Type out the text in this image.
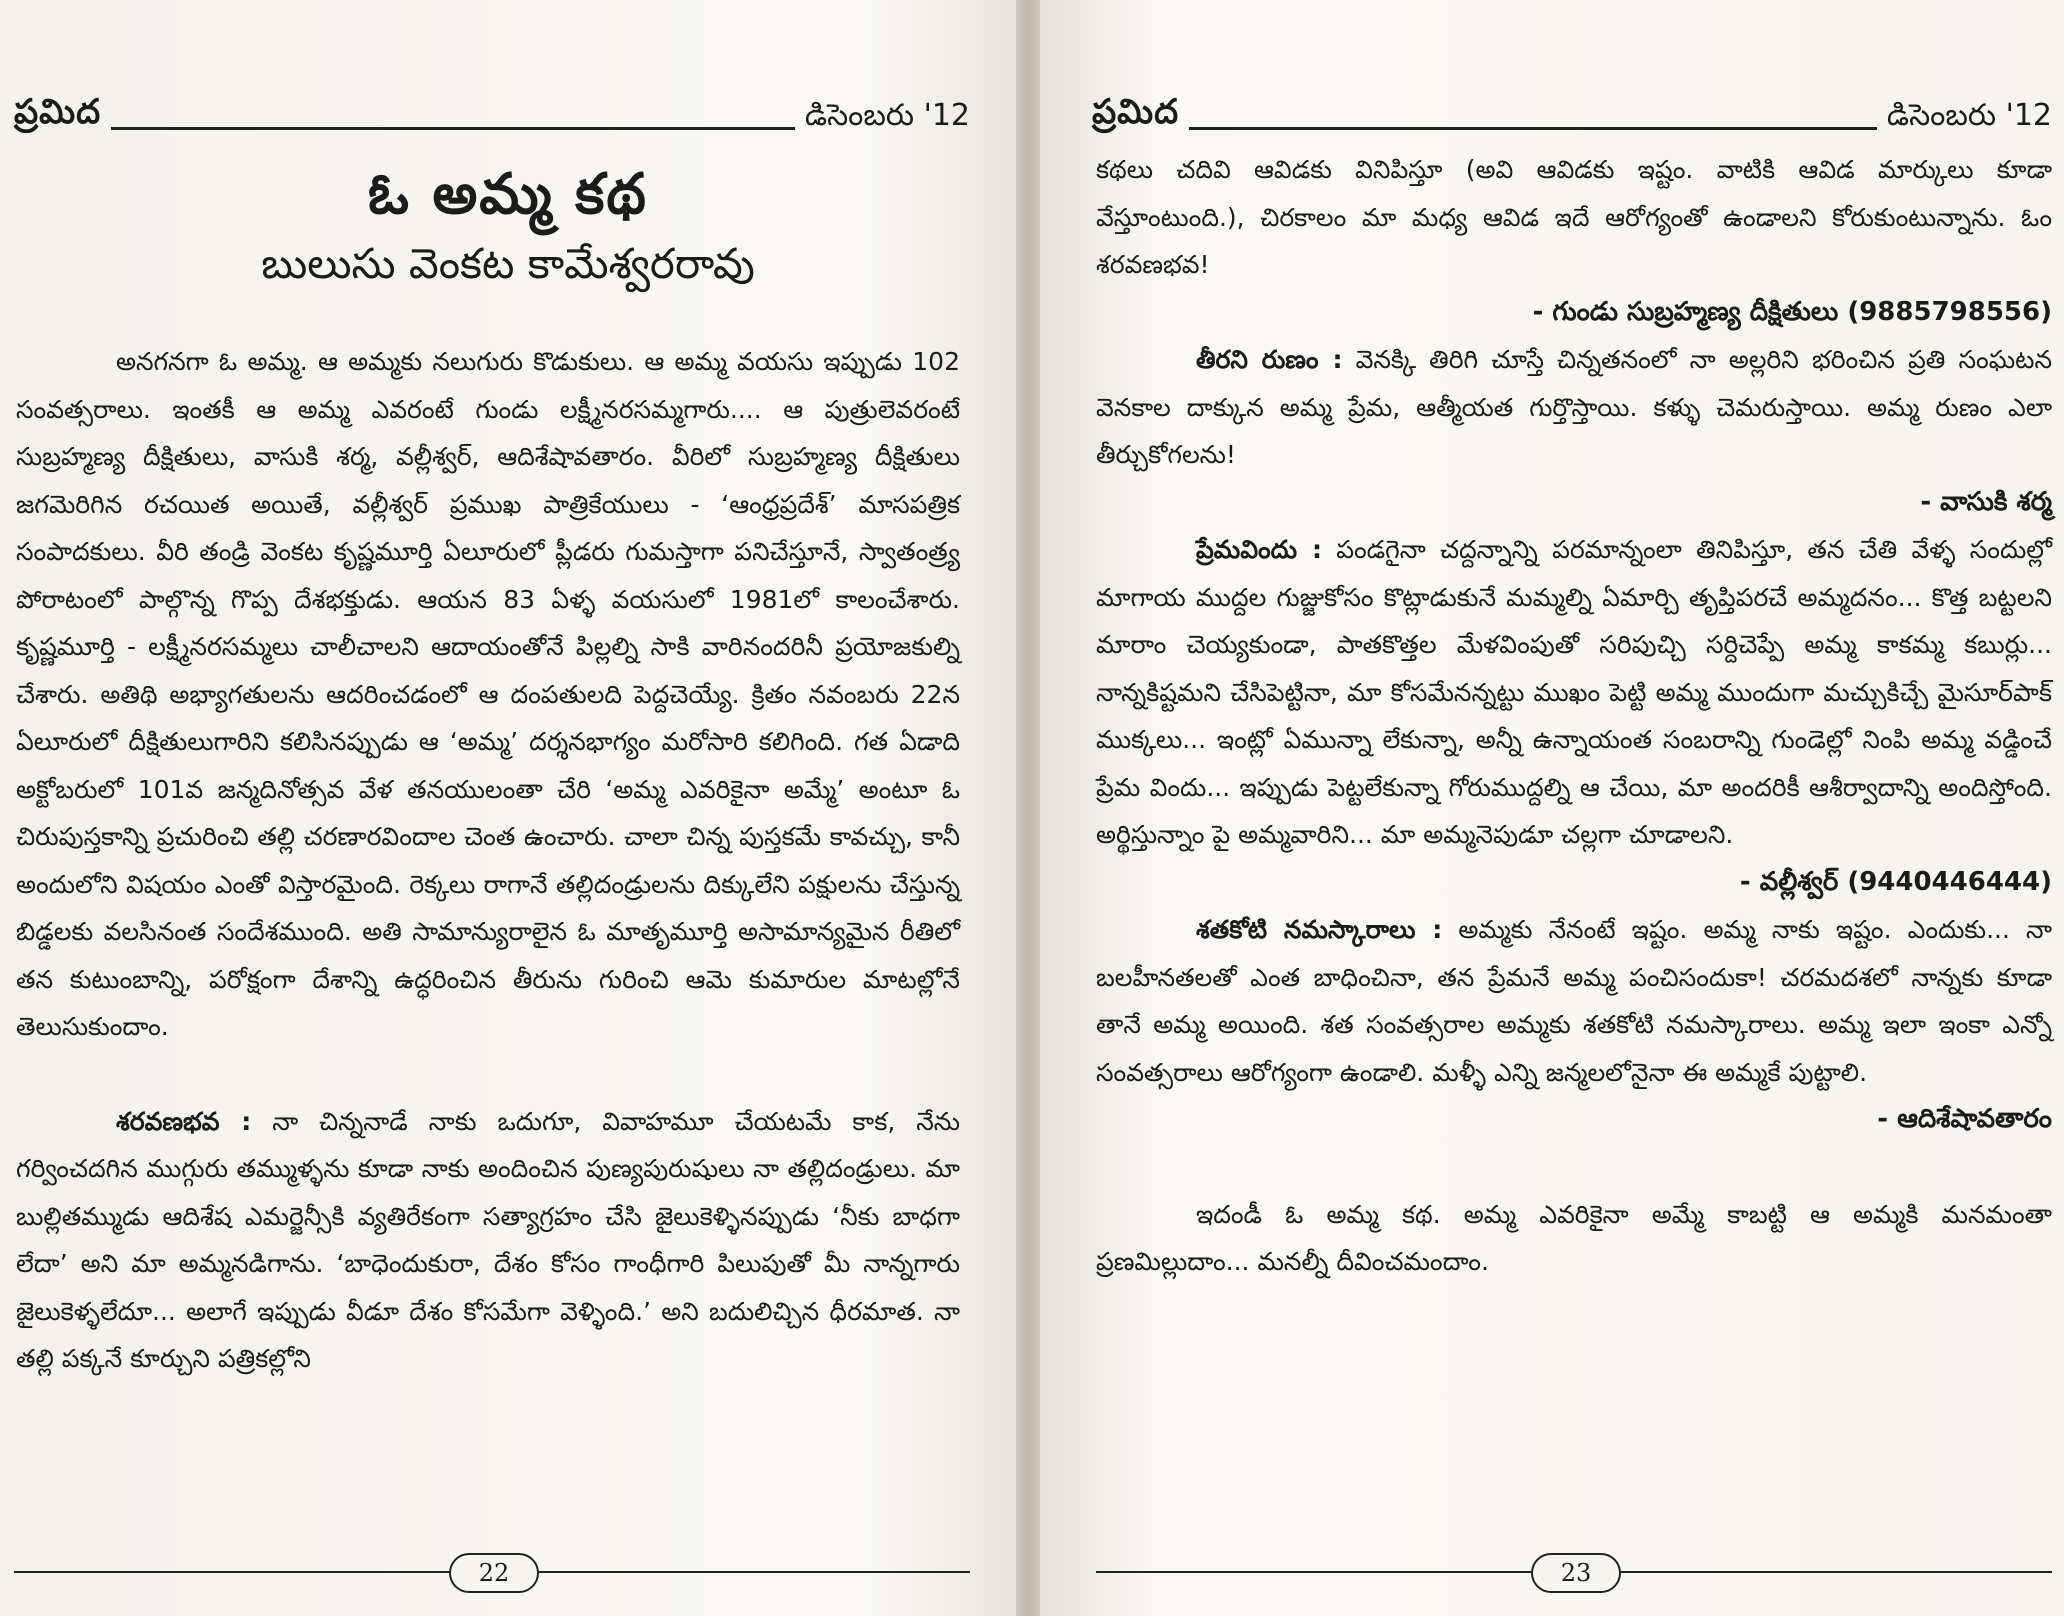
ప్రమిద	డిసెంబరు '12
ఓ అమ్మ కథ
బులుసు వెంకట కామేశ్వరరావు

అనగనగా ఓ అమ్మ. ఆ అమ్మకు నలుగురు కొడుకులు. ఆ అమ్మ వయసు ఇప్పుడు 102 సంవత్సరాలు. ఇంతకీ ఆ అమ్మ ఎవరంటే గుండు లక్ష్మీనరసమ్మగారు.... ఆ పుత్రులెవరంటే సుబ్రహ్మణ్య దీక్షితులు, వాసుకి శర్మ, వల్లీశ్వర్, ఆదిశేషావతారం. వీరిలో సుబ్రహ్మణ్య దీక్షితులు జగమెరిగిన రచయిత అయితే, వల్లీశ్వర్ ప్రముఖ పాత్రికేయులు - ‘ఆంధ్రప్రదేశ్’ మాసపత్రిక సంపాదకులు. వీరి తండ్రి వెంకట కృష్ణమూర్తి ఏలూరులో ప్లీడరు గుమస్తాగా పనిచేస్తూనే, స్వాతంత్ర్య పోరాటంలో పాల్గొన్న గొప్ప దేశభక్తుడు. ఆయన 83 ఏళ్ళ వయసులో 1981లో కాలంచేశారు. కృష్ణమూర్తి - లక్ష్మీనరసమ్మలు చాలీచాలని ఆదాయంతోనే పిల్లల్ని సాకి వారినందరినీ ప్రయోజకుల్ని చేశారు. అతిథి అభ్యాగతులను ఆదరించడంలో ఆ దంపతులది పెద్దచెయ్యే. క్రితం నవంబరు 22న ఏలూరులో దీక్షితులుగారిని కలిసినప్పుడు ఆ ‘అమ్మ’ దర్శనభాగ్యం మరోసారి కలిగింది. గత ఏడాది అక్టోబరులో 101వ జన్మదినోత్సవ వేళ తనయులంతా చేరి ‘అమ్మ ఎవరికైనా అమ్మే’ అంటూ ఓ చిరుపుస్తకాన్ని ప్రచురించి తల్లి చరణారవిందాల చెంత ఉంచారు. చాలా చిన్న పుస్తకమే కావచ్చు, కానీ అందులోని విషయం ఎంతో విస్తారమైంది. రెక్కలు రాగానే తల్లిదండ్రులను దిక్కులేని పక్షులను చేస్తున్న బిడ్డలకు వలసినంత సందేశముంది. అతి సామాన్యురాలైన ఓ మాతృమూర్తి అసామాన్యమైన రీతిలో తన కుటుంబాన్ని, పరోక్షంగా దేశాన్ని ఉద్ధరించిన తీరును గురించి ఆమె కుమారుల మాటల్లోనే తెలుసుకుందాం.

శరవణభవ : నా చిన్ననాడే నాకు ఒదుగూ, వివాహమూ చేయటమే కాక, నేను గర్వించదగిన ముగ్గురు తమ్ముళ్ళను కూడా నాకు అందించిన పుణ్యపురుషులు నా తల్లిదండ్రులు. మా బుల్లితమ్ముడు ఆదిశేష ఎమర్జెన్సీకి వ్యతిరేకంగా సత్యాగ్రహం చేసి జైలుకెళ్ళినప్పుడు ‘నీకు బాధగా లేదా’ అని మా అమ్మనడిగాను. ‘బాధెందుకురా, దేశం కోసం గాంధీగారి పిలుపుతో మీ నాన్నగారు జైలుకెళ్ళలేదూ... అలాగే ఇప్పుడు వీడూ దేశం కోసమేగా వెళ్ళింది.’ అని బదులిచ్చిన ధీరమాత. నా తల్లి పక్కనే కూర్చుని పత్రికల్లోని

22
ప్రమిద	డిసెంబరు '12

కథలు చదివి ఆవిడకు వినిపిస్తూ (అవి ఆవిడకు ఇష్టం. వాటికి ఆవిడ మార్కులు కూడా వేస్తూంటుంది.), చిరకాలం మా మధ్య ఆవిడ ఇదే ఆరోగ్యంతో ఉండాలని కోరుకుంటున్నాను. ఓం శరవణభవ!

- గుండు సుబ్రహ్మణ్య దీక్షితులు (9885798556)

తీరని రుణం : వెనక్కి తిరిగి చూస్తే చిన్నతనంలో నా అల్లరిని భరించిన ప్రతి సంఘటన వెనకాల దాక్కున అమ్మ ప్రేమ, ఆత్మీయత గుర్తొస్తాయి. కళ్ళు చెమరుస్తాయి. అమ్మ రుణం ఎలా తీర్చుకోగలను!

- వాసుకి శర్మ

ప్రేమవిందు : పండగైనా చద్దన్నాన్ని పరమాన్నంలా తినిపిస్తూ, తన చేతి వేళ్ళ సందుల్లో మాగాయ ముద్దల గుజ్జుకోసం కొట్లాడుకునే మమ్మల్ని ఏమార్చి తృప్తిపరచే అమ్మదనం... కొత్త బట్టలని మారాం చెయ్యకుండా, పాతకొత్తల మేళవింపుతో సరిపుచ్చి సర్దిచెప్పే అమ్మ కాకమ్మ కబుర్లు... నాన్నకిష్టమని చేసిపెట్టినా, మా కోసమేనన్నట్టు ముఖం పెట్టి అమ్మ ముందుగా మచ్చుకిచ్చే మైసూర్‌పాక్ ముక్కలు... ఇంట్లో ఏమున్నా లేకున్నా, అన్నీ ఉన్నాయంత సంబరాన్ని గుండెల్లో నింపి అమ్మ వడ్డించే ప్రేమ విందు... ఇప్పుడు పెట్టలేకున్నా గోరుముద్దల్ని ఆ చేయి, మా అందరికీ ఆశీర్వాదాన్ని అందిస్తోంది. అర్థిస్తున్నాం పై అమ్మవారిని... మా అమ్మనెపుడూ చల్లగా చూడాలని.

- వల్లీశ్వర్ (9440446444)

శతకోటి నమస్కారాలు : అమ్మకు నేనంటే ఇష్టం. అమ్మ నాకు ఇష్టం. ఎందుకు... నా బలహీనతలతో ఎంత బాధించినా, తన ప్రేమనే అమ్మ పంచిసందుకా! చరమదశలో నాన్నకు కూడా తానే అమ్మ అయింది. శత సంవత్సరాల అమ్మకు శతకోటి నమస్కారాలు. అమ్మ ఇలా ఇంకా ఎన్నో సంవత్సరాలు ఆరోగ్యంగా ఉండాలి. మళ్ళీ ఎన్ని జన్మలలోనైనా ఈ అమ్మకే పుట్టాలి.

- ఆదిశేషావతారం

ఇదండీ ఓ అమ్మ కథ. అమ్మ ఎవరికైనా అమ్మే కాబట్టి ఆ అమ్మకి మనమంతా ప్రణమిల్లుదాం... మనల్నీ దీవించమందాం.

23
